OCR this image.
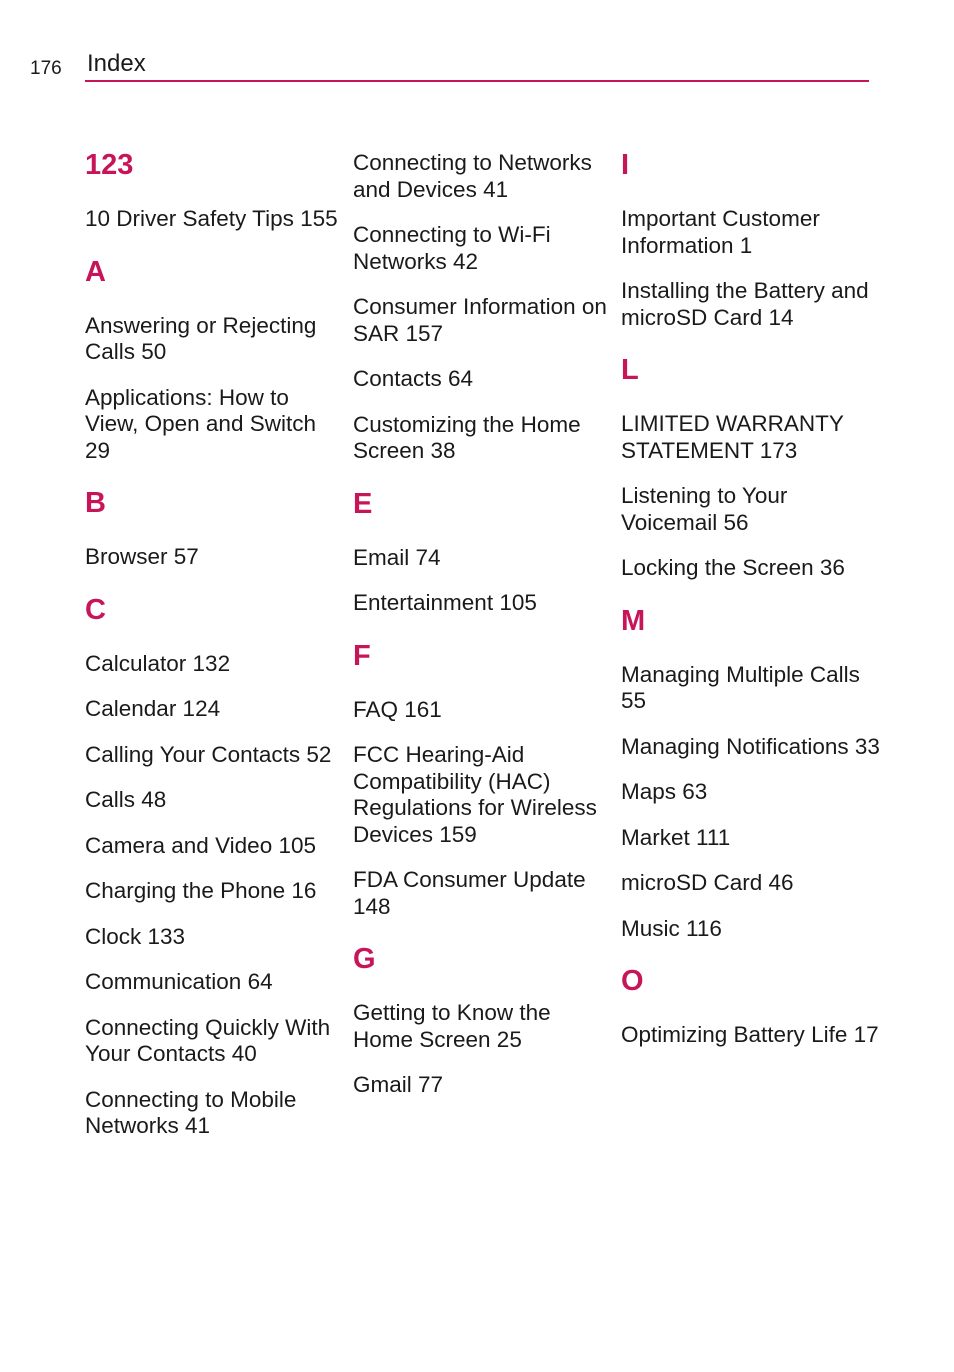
176 Index
123
10 Driver Safety Tips 155
A
Answering or Rejecting Calls 50
Applications: How to View, Open and Switch 29
B
Browser 57
C
Calculator 132
Calendar 124
Calling Your Contacts 52
Calls 48
Camera and Video 105
Charging the Phone 16
Clock 133
Communication 64
Connecting Quickly With Your Contacts 40
Connecting to Mobile Networks 41
Connecting to Networks and Devices 41
Connecting to Wi-Fi Networks 42
Consumer Information on SAR 157
Contacts 64
Customizing the Home Screen 38
E
Email 74
Entertainment 105
F
FAQ 161
FCC Hearing-Aid Compatibility (HAC) Regulations for Wireless Devices 159
FDA Consumer Update 148
G
Getting to Know the Home Screen 25
Gmail 77
I
Important Customer Information 1
Installing the Battery and microSD Card 14
L
LIMITED WARRANTY STATEMENT 173
Listening to Your Voicemail 56
Locking the Screen 36
M
Managing Multiple Calls 55
Managing Notifications 33
Maps 63
Market 111
microSD Card 46
Music 116
O
Optimizing Battery Life 17
